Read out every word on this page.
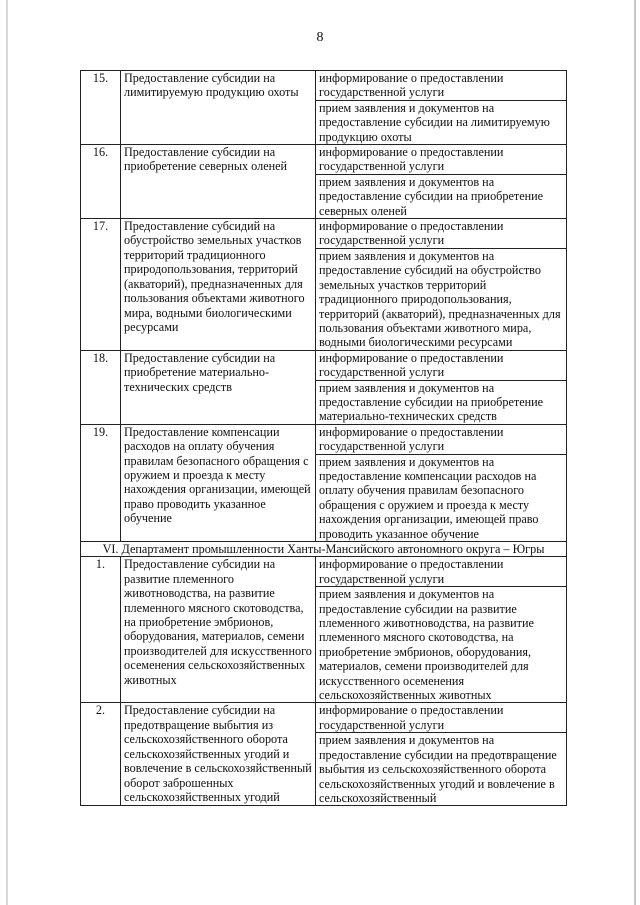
8
15.	Предоставление субсидии на лимитируемую продукцию охоты	информирование о предоставлении государственной услуги
		прием заявления и документов на предоставление субсидии на лимитируемую продукцию охоты
16.	Предоставление субсидии на приобретение северных оленей	информирование о предоставлении государственной услуги
		прием заявления и документов на предоставление субсидии на приобретение северных оленей
17.	Предоставление субсидий на обустройство земельных участков территорий традиционного природопользования, территорий (акваторий), предназначенных для пользования объектами животного мира, водными биологическими ресурсами	информирование о предоставлении государственной услуги
		прием заявления и документов на предоставление субсидий на обустройство земельных участков территорий традиционного природопользования, территорий (акваторий), предназначенных для пользования объектами животного мира, водными биологическими ресурсами
18.	Предоставление субсидии на приобретение материально-технических средств	информирование о предоставлении государственной услуги
		прием заявления и документов на предоставление субсидии на приобретение материально-технических средств
19.	Предоставление компенсации расходов на оплату обучения правилам безопасного обращения с оружием и проезда к месту нахождения организации, имеющей право проводить указанное обучение	информирование о предоставлении государственной услуги
		прием заявления и документов на предоставление компенсации расходов на оплату обучения правилам безопасного обращения с оружием и проезда к месту нахождения организации, имеющей право проводить указанное обучение
VI. Департамент промышленности Ханты-Мансийского автономного округа – Югры		
1.	Предоставление субсидии на развитие племенного животноводства, на развитие племенного мясного скотоводства, на приобретение эмбрионов, оборудования, материалов, семени производителей для искусственного осеменения сельскохозяйственных животных	информирование о предоставлении государственной услуги
		прием заявления и документов на предоставление субсидии на развитие племенного животноводства, на развитие племенного мясного скотоводства, на приобретение эмбрионов, оборудования, материалов, семени производителей для искусственного осеменения сельскохозяйственных животных
2.	Предоставление субсидии на предотвращение выбытия из сельскохозяйственного оборота сельскохозяйственных угодий и вовлечение в сельскохозяйственный оборот заброшенных сельскохозяйственных угодий	информирование о предоставлении государственной услуги
		прием заявления и документов на предоставление субсидии на предотвращение выбытия из сельскохозяйственного оборота сельскохозяйственных угодий и вовлечение в сельскохозяйственный
